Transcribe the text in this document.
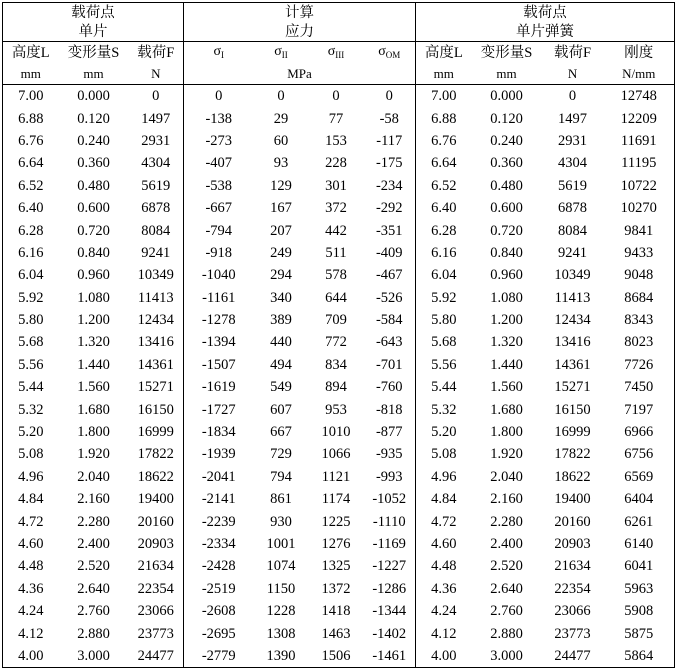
载荷点			计算				载荷点			
单片			应力				单片弹簧			
高度L	变形量S	载荷F	$\sigma_I$	$\sigma_{II}$	$\sigma_{III}$	$\sigma_{OM}$	高度L	变形量S	载荷F	刚度
mm	mm	N	MPa				mm	mm	N	N/mm
7.00	0.000	0	0	0	0	0	7.00	0.000	0	12748
6.88	0.120	1497	-138	29	77	-58	6.88	0.120	1497	12209
6.76	0.240	2931	-273	60	153	-117	6.76	0.240	2931	11691
6.64	0.360	4304	-407	93	228	-175	6.64	0.360	4304	11195
6.52	0.480	5619	-538	129	301	-234	6.52	0.480	5619	10722
6.40	0.600	6878	-667	167	372	-292	6.40	0.600	6878	10270
6.28	0.720	8084	-794	207	442	-351	6.28	0.720	8084	9841
6.16	0.840	9241	-918	249	511	-409	6.16	0.840	9241	9433
6.04	0.960	10349	-1040	294	578	-467	6.04	0.960	10349	9048
5.92	1.080	11413	-1161	340	644	-526	5.92	1.080	11413	8684
5.80	1.200	12434	-1278	389	709	-584	5.80	1.200	12434	8343
5.68	1.320	13416	-1394	440	772	-643	5.68	1.320	13416	8023
5.56	1.440	14361	-1507	494	834	-701	5.56	1.440	14361	7726
5.44	1.560	15271	-1619	549	894	-760	5.44	1.560	15271	7450
5.32	1.680	16150	-1727	607	953	-818	5.32	1.680	16150	7197
5.20	1.800	16999	-1834	667	1010	-877	5.20	1.800	16999	6966
5.08	1.920	17822	-1939	729	1066	-935	5.08	1.920	17822	6756
4.96	2.040	18622	-2041	794	1121	-993	4.96	2.040	18622	6569
4.84	2.160	19400	-2141	861	1174	-1052	4.84	2.160	19400	6404
4.72	2.280	20160	-2239	930	1225	-1110	4.72	2.280	20160	6261
4.60	2.400	20903	-2334	1001	1276	-1169	4.60	2.400	20903	6140
4.48	2.520	21634	-2428	1074	1325	-1227	4.48	2.520	21634	6041
4.36	2.640	22354	-2519	1150	1372	-1286	4.36	2.640	22354	5963
4.24	2.760	23066	-2608	1228	1418	-1344	4.24	2.760	23066	5908
4.12	2.880	23773	-2695	1308	1463	-1402	4.12	2.880	23773	5875
4.00	3.000	24477	-2779	1390	1506	-1461	4.00	3.000	24477	5864
